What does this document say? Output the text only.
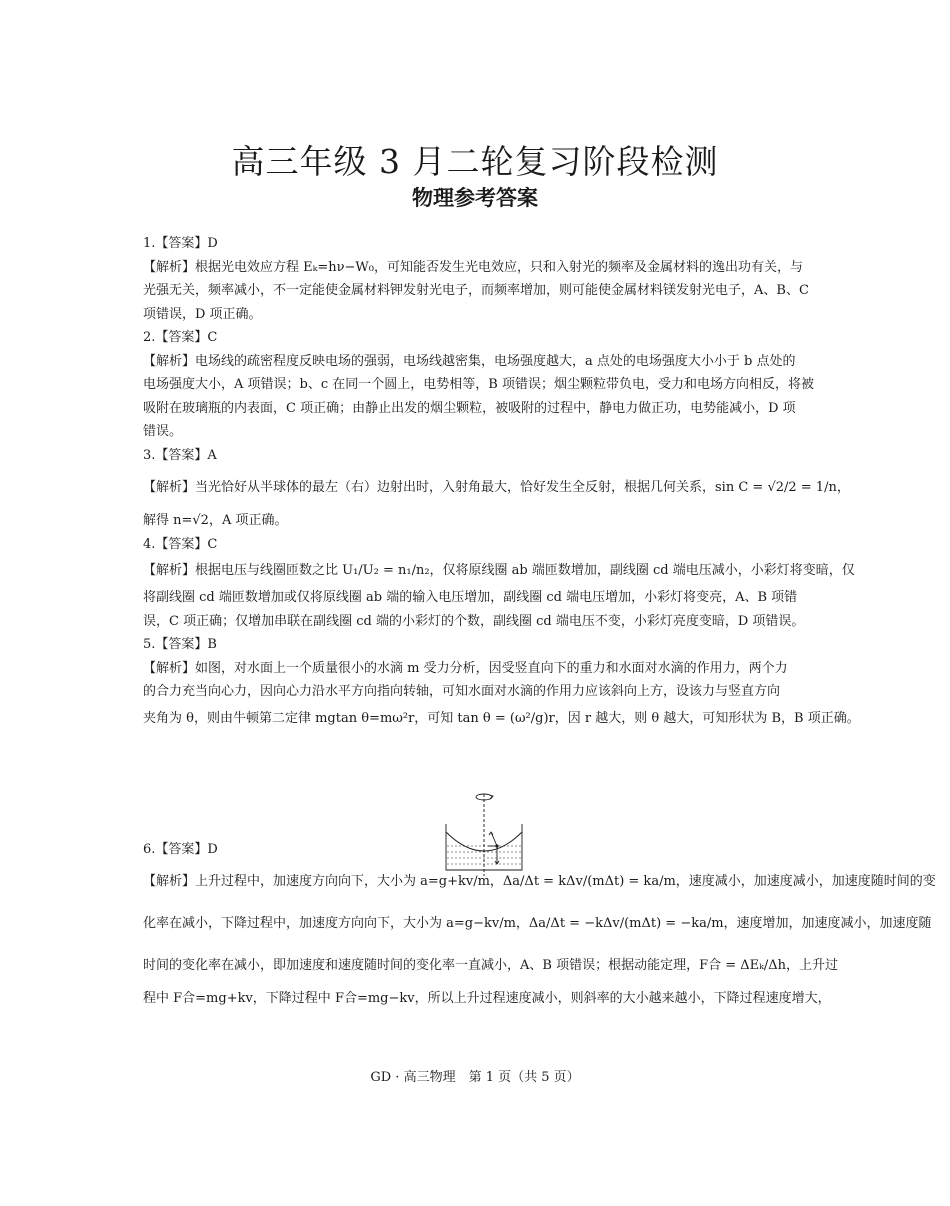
高三年级 3 月二轮复习阶段检测
物理参考答案
1.【答案】D
【解析】根据光电效应方程 Eₖ=hν−W₀，可知能否发生光电效应，只和入射光的频率及金属材料的逸出功有关，与
光强无关，频率减小，不一定能使金属材料钾发射光电子，而频率增加，则可能使金属材料镁发射光电子，A、B、C
项错误，D 项正确。
2.【答案】C
【解析】电场线的疏密程度反映电场的强弱，电场线越密集，电场强度越大，a 点处的电场强度大小小于 b 点处的
电场强度大小，A 项错误；b、c 在同一个圆上，电势相等，B 项错误；烟尘颗粒带负电，受力和电场方向相反，将被
吸附在玻璃瓶的内表面，C 项正确；由静止出发的烟尘颗粒，被吸附的过程中，静电力做正功，电势能减小，D 项
错误。
3.【答案】A
【解析】当光恰好从半球体的最左（右）边射出时，入射角最大，恰好发生全反射，根据几何关系，sin C = √2/2 = 1/n，
解得 n=√2，A 项正确。
4.【答案】C
【解析】根据电压与线圈匝数之比 U₁/U₂ = n₁/n₂，仅将原线圈 ab 端匝数增加，副线圈 cd 端电压减小，小彩灯将变暗，仅
将副线圈 cd 端匝数增加或仅将原线圈 ab 端的输入电压增加，副线圈 cd 端电压增加，小彩灯将变亮，A、B 项错
误，C 项正确；仅增加串联在副线圈 cd 端的小彩灯的个数，副线圈 cd 端电压不变，小彩灯亮度变暗，D 项错误。
5.【答案】B
【解析】如图，对水面上一个质量很小的水滴 m 受力分析，因受竖直向下的重力和水面对水滴的作用力，两个力
的合力充当向心力，因向心力沿水平方向指向转轴，可知水面对水滴的作用力应该斜向上方，设该力与竖直方向
夹角为 θ，则由牛顿第二定律 mgtan θ=mω²r，可知 tan θ = (ω²/g)r，因 r 越大，则 θ 越大，可知形状为 B，B 项正确。
6.【答案】D
【解析】上升过程中，加速度方向向下，大小为 a=g+kv/m，Δa/Δt = kΔv/(mΔt) = ka/m，速度减小，加速度减小，加速度随时间的变
化率在减小，下降过程中，加速度方向向下，大小为 a=g−kv/m，Δa/Δt = −kΔv/(mΔt) = −ka/m，速度增加，加速度减小，加速度随
时间的变化率在减小，即加速度和速度随时间的变化率一直减小，A、B 项错误；根据动能定理，F合 = ΔEₖ/Δh，上升过
程中 F合=mg+kv，下降过程中 F合=mg−kv，所以上升过程速度减小，则斜率的大小越来越小，下降过程速度增大，
GD · 高三物理　第 1 页（共 5 页）
